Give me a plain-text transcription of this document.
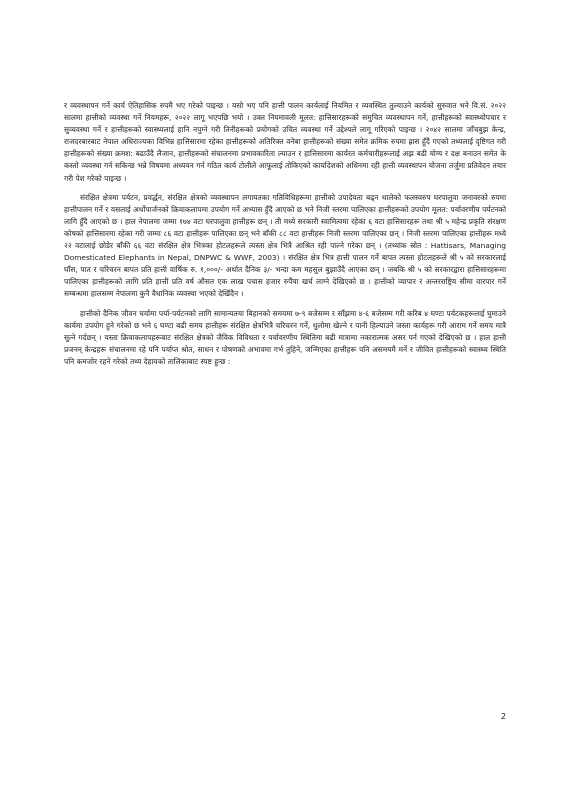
र व्यवस्थापन गर्ने कार्य ऐतिहासिक रुपमै भए गरेको पाइन्छ । यसो भए पनि हात्ती पालन कार्यलाई नियमित र व्यवस्थित तुल्याउने कार्यको सुरुवात भने वि.सं. २०२२ सालमा हात्तीको व्यवस्था गर्ने नियमहरू, २०२२ लागू भएपछि भयो । उक्त नियमावली मूलत: हात्तिसारहरूको समुचित व्यवस्थापन गर्ने, हात्तीहरूको स्वास्थ्योपचार र सुव्यवस्था गर्ने र हात्तीहरूको स्वास्थ्यलाई हानि नपुग्ने गरी तिनीहरूको प्रयोगको उचित व्यवस्था गर्ने उद्देश्यले लागू गरिएको पाइन्छ । २०४२ सालमा जाँचबुझ केन्द्र, राजदरबारबाट नेपाल अधिराज्यका विभिन्न हात्तिसारमा रहेका हात्तीहरूको अतिरिक्त वनेबा हात्तीहरूको संख्या समेत क्रमिक रुपमा ह्रास हुँदै गएको तथ्यलाई दृष्टिगत गरी हात्तीहरूको संख्या क्रमश: बढाउँदै लैजान, हात्तीहरूको संचालनमा प्रभावकारिता ल्याउन र हात्तिसारमा कार्यरत कर्मचारीहरूलाई अझ बढी योग्य र दक्ष बनाउन समेत के कस्तो व्यवस्था गर्न सकिन्छ भन्ने विषयमा अध्ययन गर्न गठित कार्य टोलीले आफूलाई तोकिएको कार्यादेशको अधिनमा रही हात्ती व्यवस्थापन योजना तर्जुमा प्रतिवेदन तयार गरी पेश गरेको पाइन्छ ।

संरक्षित क्षेत्रमा पर्यटन, प्रवर्द्धन, संरक्षित क्षेत्रको व्यवस्थापन लगायतका गतिविधिहरूमा हात्तीको उपादेयता बढ्न थालेको फलस्वरुप घरपालुवा जनावरको रुपमा हात्तीपालन गर्ने र यसलाई अर्थोपार्जनको क्रियाकलापमा उपयोग गर्ने अभ्यास हुँदै आएको छ भने निजी स्तरमा पालिएका हात्तीहरूको उपयोग मूलत: पर्यावरणीय पर्यटनको लागि हुँदै आएको छ । हाल नेपालमा जम्मा १७४ वटा घरपालुवा हात्तीहरू छन् । ती मध्ये सरकारी स्वामित्वमा रहेका ६ वटा हात्तिसारहरू तथा श्री ५ महेन्द्र प्रकृति संरक्षण कोषको हात्तिसारमा रहेका गरी जम्मा ८६ वटा हात्तीहरू पालिएका छन् भने बाँकी ८८ वटा हात्तीहरू निजी स्तरमा पालिएका छन् । निजी स्तरमा पालिएका हात्तीहरू मध्ये २२ वटालाई छोडेर बाँकी ६६ वटा संरक्षित क्षेत्र भित्रका होटलहरूले त्यस्ता क्षेत्र भित्रै आश्रित रही पाल्ने गरेका छन् । (तथ्यांक स्रोत : Hattisars, Managing Domesticated Elephants in Nepal, DNPWC & WWF, 2003) । संरक्षित क्षेत्र भित्र हात्ती पालन गर्ने बापत त्यस्ता होटलहरूले श्री ५ को सरकारलाई घाँस, पात र चरिचरन बापत प्रति हात्ती वार्षिक रु. १,०००/- अर्थात दैनिक ३/- भन्दा कम महसुल बुझाउँदै आएका छन् । जबकि श्री ५ को सरकारद्वारा हात्तिसारहरूमा पालिएका हात्तीहरूको लागि प्रति हात्ती प्रति वर्ष औसत एक लाख पचास हजार रुपैंया खर्च लाग्ने देखिएको छ । हात्तीको व्यापार र अन्तरराष्ट्रिय सीमा वारपार गर्ने सम्बन्धमा हालसम्म नेपालमा कुनै वैधानिक व्यवस्था भएको देखिँदैन ।

हात्तीको दैनिक जीवन चर्यामा पर्या-पर्यटनको लागि सामान्यतया बिहानको समयमा ७-९ बजेसम्म र साँझमा ४-६ बजेसम्म गरी करिब ४ घण्टा पर्यटकहरूलाई घुमाउने कार्यमा उपयोग हुने गरेको छ भने ६ घण्टा बढी समय हात्तीहरू संरक्षित क्षेत्रभित्रै चरिचरन गर्ने, धुलोमा खेल्ने र पानी हिल्याउने जस्ता कार्यहरू गरी आराम गर्ने समय मात्रै सुत्ने गर्दछन् । यस्ता क्रियाकलापहरूबाट संरक्षित क्षेत्रको जैविक विविधता र पर्यावरणीय स्थितिमा बढी मात्रामा नकारात्मक असर पर्न गएको देखिएको छ । हाल हात्ती प्रजनन् केन्द्रहरू संचालनमा रहे पनि पर्याप्त श्रोत, साधन र पोषणको अभावमा गर्भ तुहिने, जन्मिएका हात्तीहरू पनि असमयमै मर्ने र जीवित हात्तीहरूको स्वास्थ्य स्थिति पनि कमजोर रहने गरेको तथ्य देहायको तालिकाबाट स्पष्ट हुन्छ :

2
